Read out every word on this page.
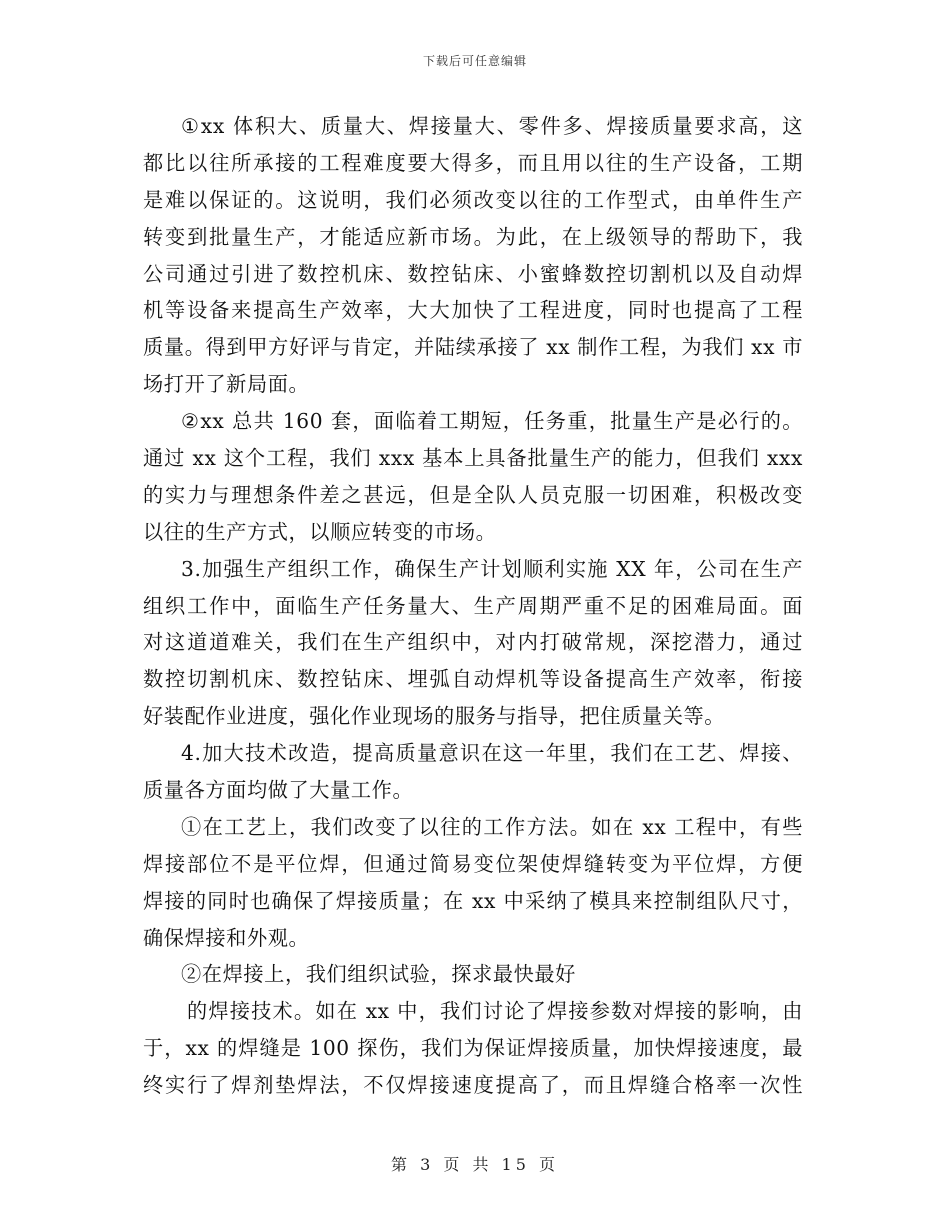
下载后可任意编辑
①xx 体积大、质量大、焊接量大、零件多、焊接质量要求高，这
都比以往所承接的工程难度要大得多，而且用以往的生产设备，工期
是难以保证的。这说明，我们必须改变以往的工作型式，由单件生产
转变到批量生产，才能适应新市场。为此，在上级领导的帮助下，我
公司通过引进了数控机床、数控钻床、小蜜蜂数控切割机以及自动焊
机等设备来提高生产效率，大大加快了工程进度，同时也提高了工程
质量。得到甲方好评与肯定，并陆续承接了 xx 制作工程，为我们 xx 市
场打开了新局面。
②xx 总共 160 套，面临着工期短，任务重，批量生产是必行的。
通过 xx 这个工程，我们 xxx 基本上具备批量生产的能力，但我们 xxx
的实力与理想条件差之甚远，但是全队人员克服一切困难，积极改变
以往的生产方式，以顺应转变的市场。
3.加强生产组织工作，确保生产计划顺利实施 XX 年，公司在生产
组织工作中，面临生产任务量大、生产周期严重不足的困难局面。面
对这道道难关，我们在生产组织中，对内打破常规，深挖潜力，通过
数控切割机床、数控钻床、埋弧自动焊机等设备提高生产效率，衔接
好装配作业进度，强化作业现场的服务与指导，把住质量关等。
4.加大技术改造，提高质量意识在这一年里，我们在工艺、焊接、
质量各方面均做了大量工作。
①在工艺上，我们改变了以往的工作方法。如在 xx 工程中，有些
焊接部位不是平位焊，但通过简易变位架使焊缝转变为平位焊，方便
焊接的同时也确保了焊接质量；在 xx 中采纳了模具来控制组队尺寸，
确保焊接和外观。
②在焊接上，我们组织试验，探求最快最好
的焊接技术。如在 xx 中，我们讨论了焊接参数对焊接的影响，由
于，xx 的焊缝是 100 探伤，我们为保证焊接质量，加快焊接速度，最
终实行了焊剂垫焊法，不仅焊接速度提高了，而且焊缝合格率一次性
第 3 页 共 15 页
